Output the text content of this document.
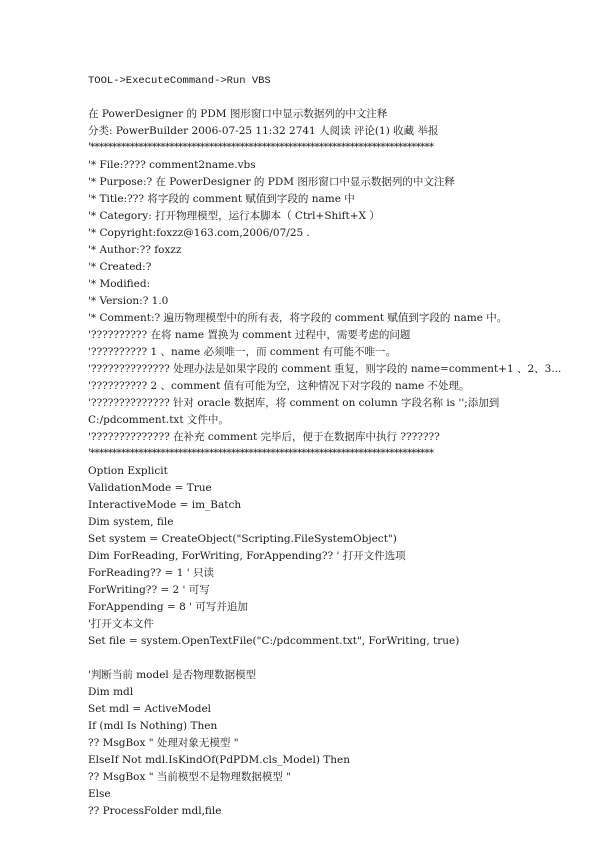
TOOL->ExecuteCommand->Run VBS
在 PowerDesigner 的 PDM 图形窗口中显示数据列的中文注释
分类: PowerBuilder 2006-07-25 11:32 2741 人阅读 评论(1) 收藏 举报
'******************************************************************************
'* File:???? comment2name.vbs
'* Purpose:? 在 PowerDesigner 的 PDM 图形窗口中显示数据列的中文注释
'* Title:??? 将字段的 comment 赋值到字段的 name 中
'* Category: 打开物理模型，运行本脚本（ Ctrl+Shift+X ）
'* Copyright:foxzz@163.com,2006/07/25 .
'* Author:?? foxzz
'* Created:?
'* Modified:
'* Version:? 1.0
'* Comment:? 遍历物理模型中的所有表，将字段的 comment 赋值到字段的 name 中。
'?????????? 在将 name 置换为 comment 过程中，需要考虑的问题
'?????????? 1 、name 必须唯一，而 comment 有可能不唯一。
'?????????????? 处理办法是如果字段的 comment 重复，则字段的 name=comment+1 、2、3...
'?????????? 2 、comment 值有可能为空，这种情况下对字段的 name 不处理。
'?????????????? 针对 oracle 数据库，将 comment on column 字段名称 is '';添加到
C:/pdcomment.txt 文件中。
'?????????????? 在补充 comment 完毕后，便于在数据库中执行 ???????
'******************************************************************************
Option Explicit
ValidationMode = True
InteractiveMode = im_Batch
Dim system, file
Set system = CreateObject("Scripting.FileSystemObject")
Dim ForReading, ForWriting, ForAppending?? ' 打开文件选项
ForReading?? = 1 ' 只读
ForWriting?? = 2 ' 可写
ForAppending = 8 ' 可写并追加
'打开文本文件
Set file = system.OpenTextFile("C:/pdcomment.txt", ForWriting, true)
'判断当前 model 是否物理数据模型
Dim mdl
Set mdl = ActiveModel
If (mdl Is Nothing) Then
?? MsgBox " 处理对象无模型 "
ElseIf Not mdl.IsKindOf(PdPDM.cls_Model) Then
?? MsgBox " 当前模型不是物理数据模型 "
Else
?? ProcessFolder mdl,file
